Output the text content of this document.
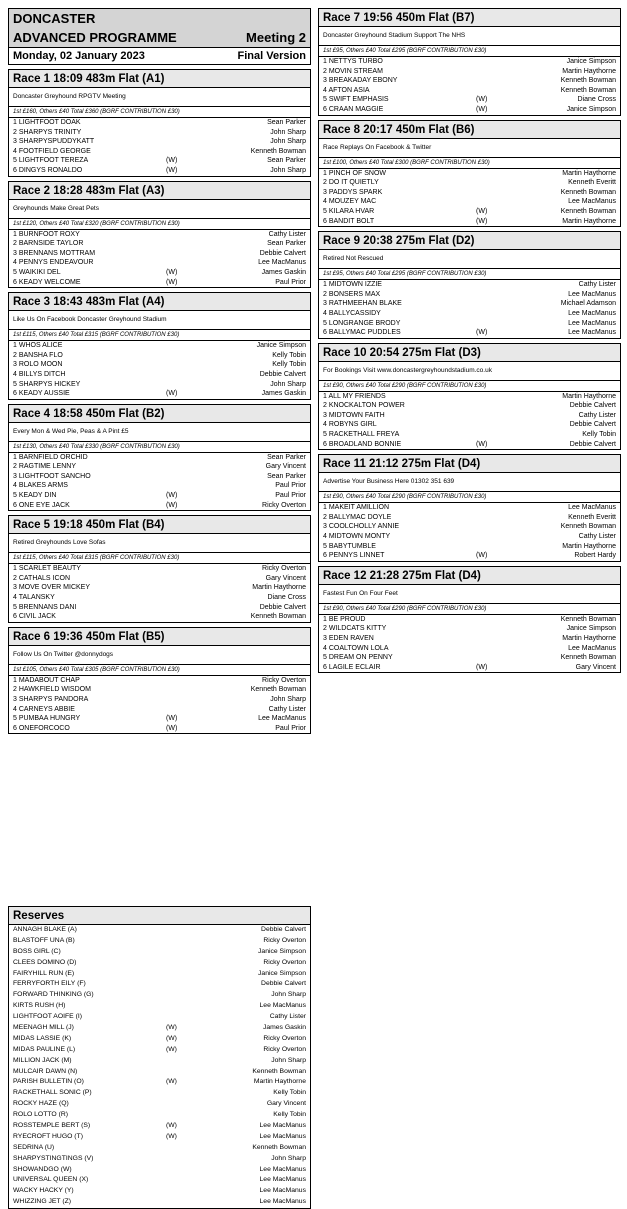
DONCASTER
ADVANCED PROGRAMME	Meeting 2
Monday, 02 January 2023	Final Version
Race 1 18:09 483m Flat (A1)
Doncaster Greyhound RPGTV Meeting
1st £160, Others £40 Total £360 (BGRF CONTRIBUTION £30)
1 LIGHTFOOT DOAK	Sean Parker
2 SHARPYS TRINITY	John Sharp
3 SHARPYSPUDDYKATT	John Sharp
4 FOOTFIELD GEORGE	Kenneth Bowman
5 LIGHTFOOT TEREZA	(W)	Sean Parker
6 DINGYS RONALDO	(W)	John Sharp
Race 2 18:28 483m Flat (A3)
Greyhounds Make Great Pets
1st £120, Others £40 Total £320 (BGRF CONTRIBUTION £30)
1 BURNFOOT ROXY	Cathy Lister
2 BARNSIDE TAYLOR	Sean Parker
3 BRENNANS MOTTRAM	Debbie Calvert
4 PENNYS ENDEAVOUR	Lee MacManus
5 WAIKIKI DEL	(W)	James Gaskin
6 KEADY WELCOME	(W)	Paul Prior
Race 3 18:43 483m Flat (A4)
Like Us On Facebook Doncaster Greyhound Stadium
1st £115, Others £40 Total £315 (BGRF CONTRIBUTION £30)
1 WHOS ALICE	Janice Simpson
2 BANSHA FLO	Kelly Tobin
3 ROLO MOON	Kelly Tobin
4 BILLYS DITCH	Debbie Calvert
5 SHARPYS HICKEY	John Sharp
6 KEADY AUSSIE	(W)	James Gaskin
Race 4 18:58 450m Flat (B2)
Every Mon & Wed Pie, Peas & A Pint £5
1st £130, Others £40 Total £330 (BGRF CONTRIBUTION £30)
1 BARNFIELD ORCHID	Sean Parker
2 RAGTIME LENNY	Gary Vincent
3 LIGHTFOOT SANCHO	Sean Parker
4 BLAKES ARMS	Paul Prior
5 KEADY DIN	(W)	Paul Prior
6 ONE EYE JACK	(W)	Ricky Overton
Race 5 19:18 450m Flat (B4)
Retired Greyhounds Love Sofas
1st £115, Others £40 Total £315 (BGRF CONTRIBUTION £30)
1 SCARLET BEAUTY	Ricky Overton
2 CATHALS ICON	Gary Vincent
3 MOVE OVER MICKEY	Martin Haythorne
4 TALANSKY	Diane Cross
5 BRENNANS DANI	Debbie Calvert
6 CIVIL JACK	Kenneth Bowman
Race 6 19:36 450m Flat (B5)
Follow Us On Twitter @donnydogs
1st £105, Others £40 Total £305 (BGRF CONTRIBUTION £30)
1 MADABOUT CHAP	Ricky Overton
2 HAWKFIELD WISDOM	Kenneth Bowman
3 SHARPYS PANDORA	John Sharp
4 CARNEYS ABBIE	Cathy Lister
5 PUMBAA HUNGRY	(W)	Lee MacManus
6 ONEFORCOCO	(W)	Paul Prior
Race 7 19:56 450m Flat (B7)
Doncaster Greyhound Stadium Support The NHS
1st £95, Others £40 Total £295 (BGRF CONTRIBUTION £30)
1 NETTYS TURBO	Janice Simpson
2 MOVIN STREAM	Martin Haythorne
3 BREAKADAY EBONY	Kenneth Bowman
4 AFTON ASIA	Kenneth Bowman
5 SWIFT EMPHASIS	(W)	Diane Cross
6 CRAAN MAGGIE	(W)	Janice Simpson
Race 8 20:17 450m Flat (B6)
Race Replays On Facebook & Twitter
1st £100, Others £40 Total £300 (BGRF CONTRIBUTION £30)
1 PINCH OF SNOW	Martin Haythorne
2 DO IT QUIETLY	Kenneth Everitt
3 PADDYS SPARK	Kenneth Bowman
4 MOUZEY MAC	Lee MacManus
5 KILARA HVAR	(W)	Kenneth Bowman
6 BANDIT BOLT	(W)	Martin Haythorne
Race 9 20:38 275m Flat (D2)
Retired Not Rescued
1st £95, Others £40 Total £295 (BGRF CONTRIBUTION £30)
1 MIDTOWN IZZIE	Cathy Lister
2 BONSERS MAX	Lee MacManus
3 RATHMEEHAN BLAKE	Michael Adamson
4 BALLYCASSIDY	Lee MacManus
5 LONGRANGE BRODY	Lee MacManus
6 BALLYMAC PUDDLES	(W)	Lee MacManus
Race 10 20:54 275m Flat (D3)
For Bookings Visit www.doncastergreyhoundstadium.co.uk
1st £90, Others £40 Total £290 (BGRF CONTRIBUTION £30)
1 ALL MY FRIENDS	Martin Haythorne
2 KNOCKALTON POWER	Debbie Calvert
3 MIDTOWN FAITH	Cathy Lister
4 ROBYNS GIRL	Debbie Calvert
5 RACKETHALL FREYA	Kelly Tobin
6 BROADLAND BONNIE	(W)	Debbie Calvert
Race 11 21:12 275m Flat (D4)
Advertise Your Business Here 01302 351 639
1st £90, Others £40 Total £290 (BGRF CONTRIBUTION £30)
1 MAKEIT AMILLION	Lee MacManus
2 BALLYMAC DOYLE	Kenneth Everitt
3 COOLCHOLLY ANNIE	Kenneth Bowman
4 MIDTOWN MONTY	Cathy Lister
5 BABYTUMBLE	Martin Haythorne
6 PENNYS LINNET	(W)	Robert Hardy
Race 12 21:28 275m Flat (D4)
Fastest Fun On Four Feet
1st £90, Others £40 Total £290 (BGRF CONTRIBUTION £30)
1 BE PROUD	Kenneth Bowman
2 WILDCATS KITTY	Janice Simpson
3 EDEN RAVEN	Martin Haythorne
4 COALTOWN LOLA	Lee MacManus
5 DREAM ON PENNY	Kenneth Bowman
6 LAGILE ECLAIR	(W)	Gary Vincent
Reserves
ANNAGH BLAKE (A)	Debbie Calvert
BLASTOFF UNA (B)	Ricky Overton
BOSS GIRL (C)	Janice Simpson
CLEES DOMINO (D)	Ricky Overton
FAIRYHILL RUN (E)	Janice Simpson
FERRYFORTH EILY (F)	Debbie Calvert
FORWARD THINKING (G)	John Sharp
KIRTS RUSH (H)	Lee MacManus
LIGHTFOOT AOIFE (I)	Cathy Lister
MEENAGH MILL (J)	(W)	James Gaskin
MIDAS LASSIE (K)	(W)	Ricky Overton
MIDAS PAULINE (L)	(W)	Ricky Overton
MILLION JACK (M)	John Sharp
MULCAIR DAWN (N)	Kenneth Bowman
PARISH BULLETIN (O)	(W)	Martin Haythorne
RACKETHALL SONIC (P)	Kelly Tobin
ROCKY HAZE (Q)	Gary Vincent
ROLO LOTTO (R)	Kelly Tobin
ROSSTEMPLE BERT (S)	(W)	Lee MacManus
RYECROFT HUGO (T)	(W)	Lee MacManus
SEDRINA (U)	Kenneth Bowman
SHARPYSTINGTINGS (V)	John Sharp
SHOWANDGO (W)	Lee MacManus
UNIVERSAL QUEEN (X)	Lee MacManus
WACKY HACKY (Y)	Lee MacManus
WHIZZING JET (Z)	Lee MacManus
